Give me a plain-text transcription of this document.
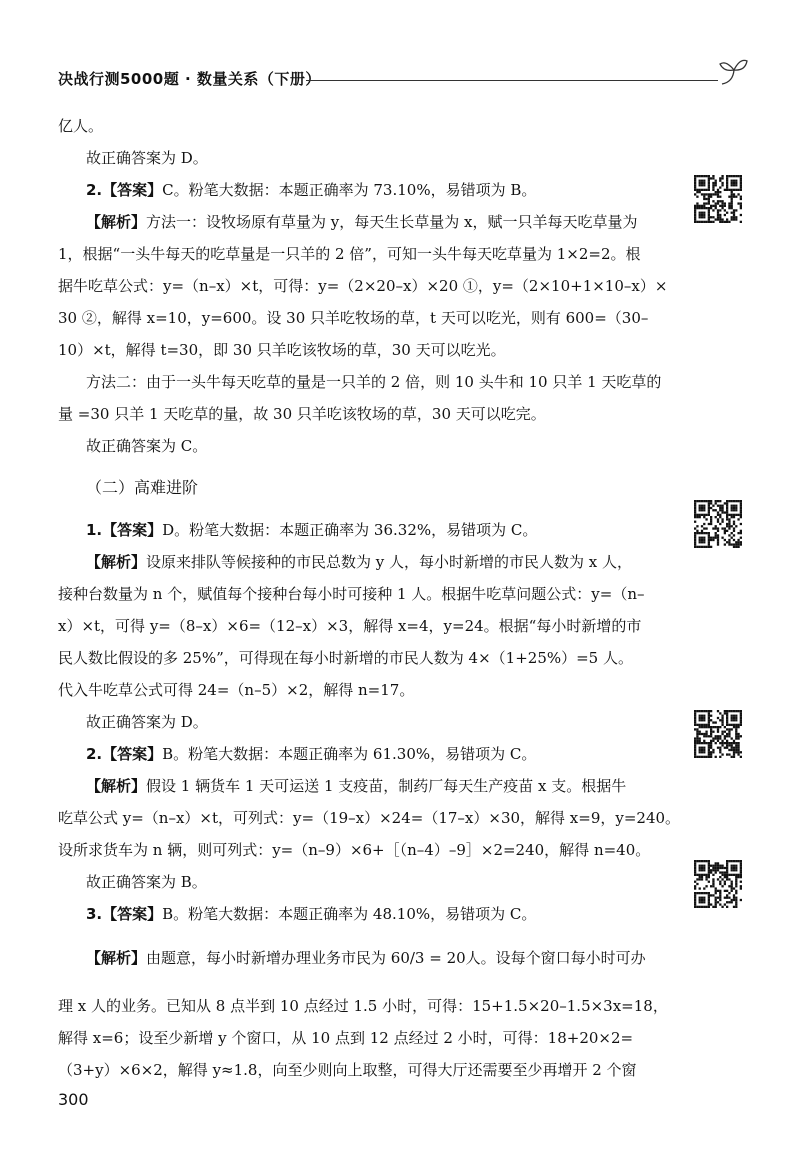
决战行测5000题 · 数量关系（下册）
亿人。
故正确答案为 D。
2.【答案】C。粉笔大数据：本题正确率为 73.10%，易错项为 B。
【解析】方法一：设牧场原有草量为 y，每天生长草量为 x，赋一只羊每天吃草量为
1，根据“一头牛每天的吃草量是一只羊的 2 倍”，可知一头牛每天吃草量为 1×2=2。根
据牛吃草公式：y=（n–x）×t，可得：y=（2×20–x）×20 ①，y=（2×10+1×10–x）×
30 ②，解得 x=10，y=600。设 30 只羊吃牧场的草，t 天可以吃光，则有 600=（30–
10）×t，解得 t=30，即 30 只羊吃该牧场的草，30 天可以吃光。
方法二：由于一头牛每天吃草的量是一只羊的 2 倍，则 10 头牛和 10 只羊 1 天吃草的
量 =30 只羊 1 天吃草的量，故 30 只羊吃该牧场的草，30 天可以吃完。
故正确答案为 C。
（二）高难进阶
1.【答案】D。粉笔大数据：本题正确率为 36.32%，易错项为 C。
【解析】设原来排队等候接种的市民总数为 y 人，每小时新增的市民人数为 x 人，
接种台数量为 n 个，赋值每个接种台每小时可接种 1 人。根据牛吃草问题公式：y=（n–
x）×t，可得 y=（8–x）×6=（12–x）×3，解得 x=4，y=24。根据“每小时新增的市
民人数比假设的多 25%”，可得现在每小时新增的市民人数为 4×（1+25%）=5 人。
代入牛吃草公式可得 24=（n–5）×2，解得 n=17。
故正确答案为 D。
2.【答案】B。粉笔大数据：本题正确率为 61.30%，易错项为 C。
【解析】假设 1 辆货车 1 天可运送 1 支疫苗，制药厂每天生产疫苗 x 支。根据牛
吃草公式 y=（n–x）×t，可列式：y=（19–x）×24=（17–x）×30，解得 x=9，y=240。
设所求货车为 n 辆，则可列式：y=（n–9）×6+［（n–4）–9］×2=240，解得 n=40。
故正确答案为 B。
3.【答案】B。粉笔大数据：本题正确率为 48.10%，易错项为 C。
【解析】由题意，每小时新增办理业务市民为 60/3 = 20人。设每个窗口每小时可办
理 x 人的业务。已知从 8 点半到 10 点经过 1.5 小时，可得：15+1.5×20–1.5×3x=18，
解得 x=6；设至少新增 y 个窗口，从 10 点到 12 点经过 2 小时，可得：18+20×2=
（3+y）×6×2，解得 y≈1.8，向至少则向上取整，可得大厅还需要至少再增开 2 个窗
300
